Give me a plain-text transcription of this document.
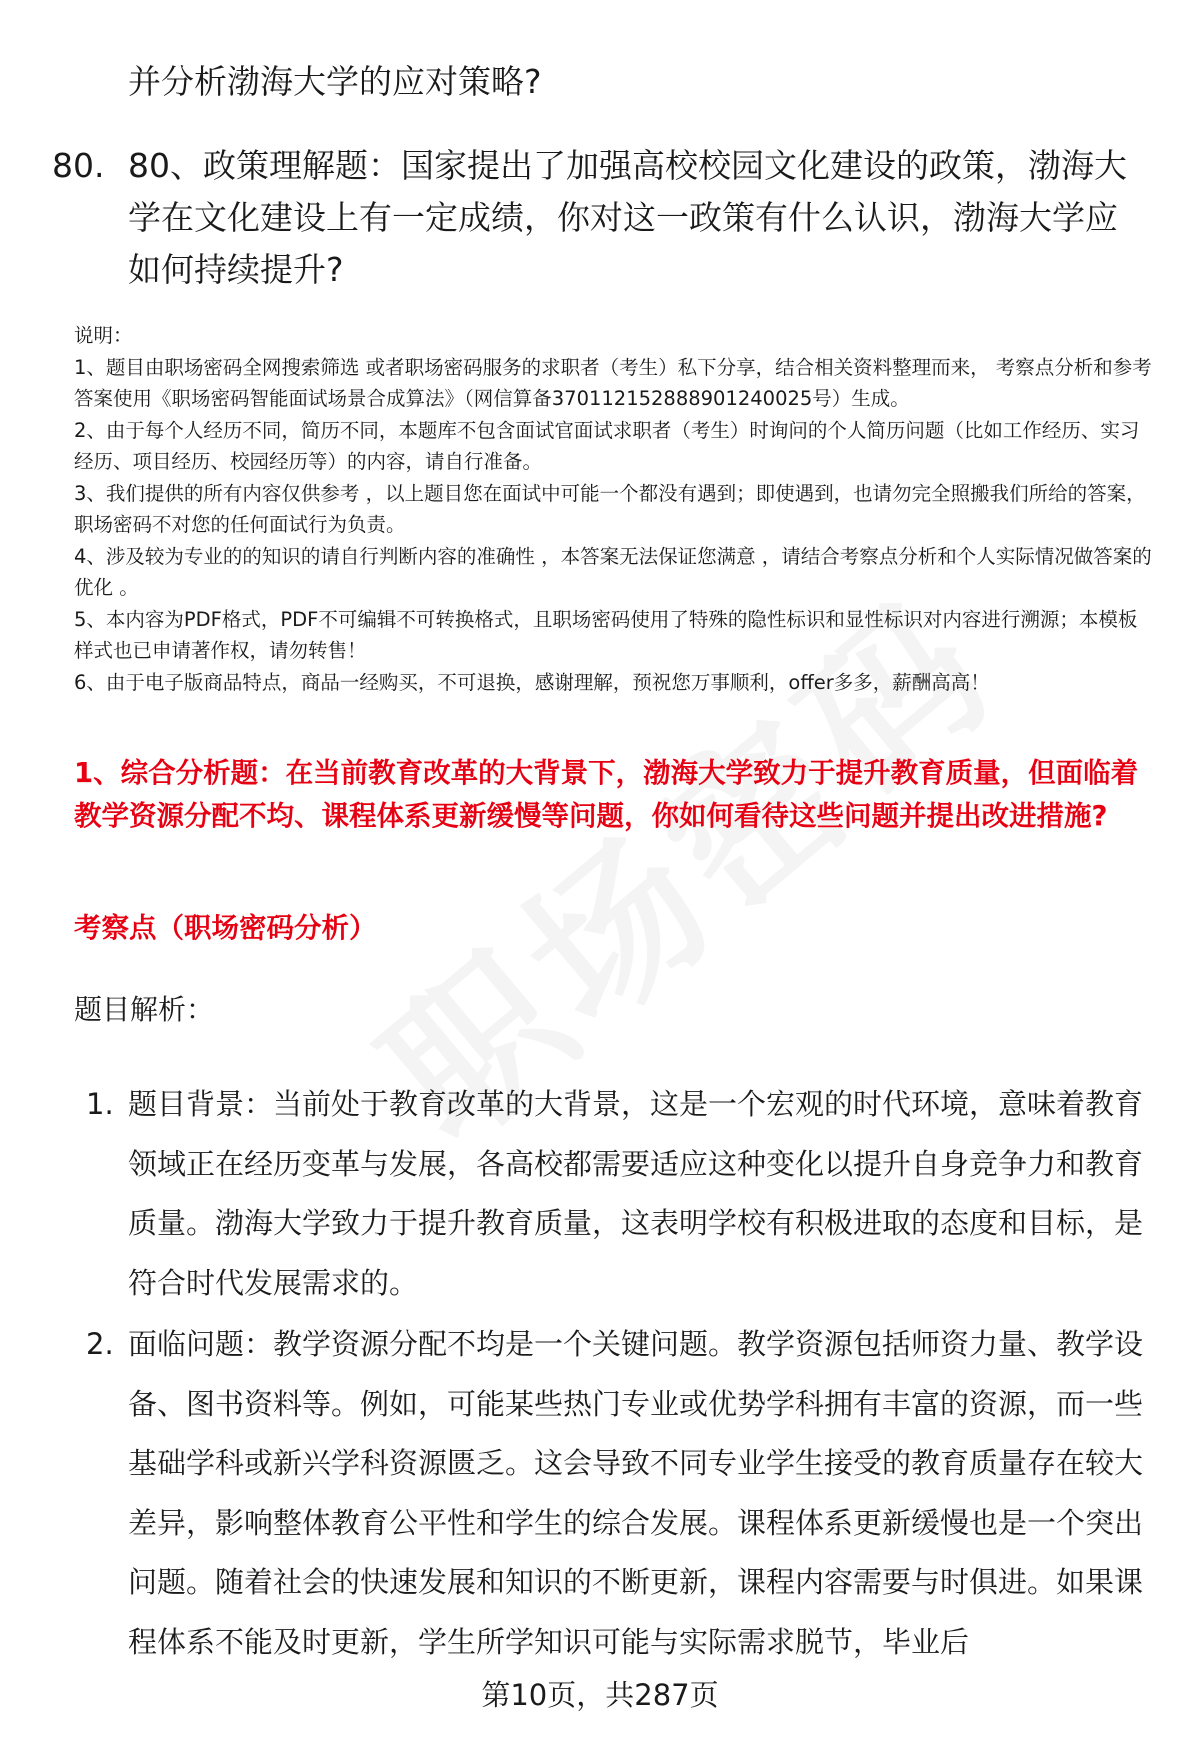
并分析渤海大学的应对策略?
80. 80、政策理解题：国家提出了加强高校校园文化建设的政策，渤海大学在文化建设上有一定成绩，你对这一政策有什么认识，渤海大学应如何持续提升?

说明：

1、题目由职场密码全网搜索筛选 或者职场密码服务的求职者（考生）私下分享，结合相关资料整理而来， 考察点分析和参考答案使用《职场密码智能面试场景合成算法》（网信算备370112152888901240025号）生成。

2、由于每个人经历不同，简历不同，本题库不包含面试官面试求职者（考生）时询问的个人简历问题（比如工作经历、实习经历、项目经历、校园经历等）的内容，请自行准备。

3、我们提供的所有内容仅供参考 ，以上题目您在面试中可能一个都没有遇到；即使遇到，也请勿完全照搬我们所给的答案，职场密码不对您的任何面试行为负责。

4、涉及较为专业的的知识的请自行判断内容的准确性 ，本答案无法保证您满意 ，请结合考察点分析和个人实际情况做答案的优化 。

5、本内容为PDF格式，PDF不可编辑不可转换格式，且职场密码使用了特殊的隐性标识和显性标识对内容进行溯源；本模板样式也已申请著作权，请勿转售！

6、由于电子版商品特点，商品一经购买，不可退换，感谢理解，预祝您万事顺利，offer多多，薪酬高高！

1、综合分析题：在当前教育改革的大背景下，渤海大学致力于提升教育质量，但面临着教学资源分配不均、课程体系更新缓慢等问题，你如何看待这些问题并提出改进措施?
考察点（职场密码分析）
题目解析：
1. 题目背景：当前处于教育改革的大背景，这是一个宏观的时代环境，意味着教育领域正在经历变革与发展，各高校都需要适应这种变化以提升自身竞争力和教育质量。渤海大学致力于提升教育质量，这表明学校有积极进取的态度和目标，是符合时代发展需求的。
2. 面临问题：教学资源分配不均是一个关键问题。教学资源包括师资力量、教学设备、图书资料等。例如，可能某些热门专业或优势学科拥有丰富的资源，而一些基础学科或新兴学科资源匮乏。这会导致不同专业学生接受的教育质量存在较大差异，影响整体教育公平性和学生的综合发展。课程体系更新缓慢也是一个突出问题。随着社会的快速发展和知识的不断更新，课程内容需要与时俱进。如果课程体系不能及时更新，学生所学知识可能与实际需求脱节，毕业后
第10页，共287页
